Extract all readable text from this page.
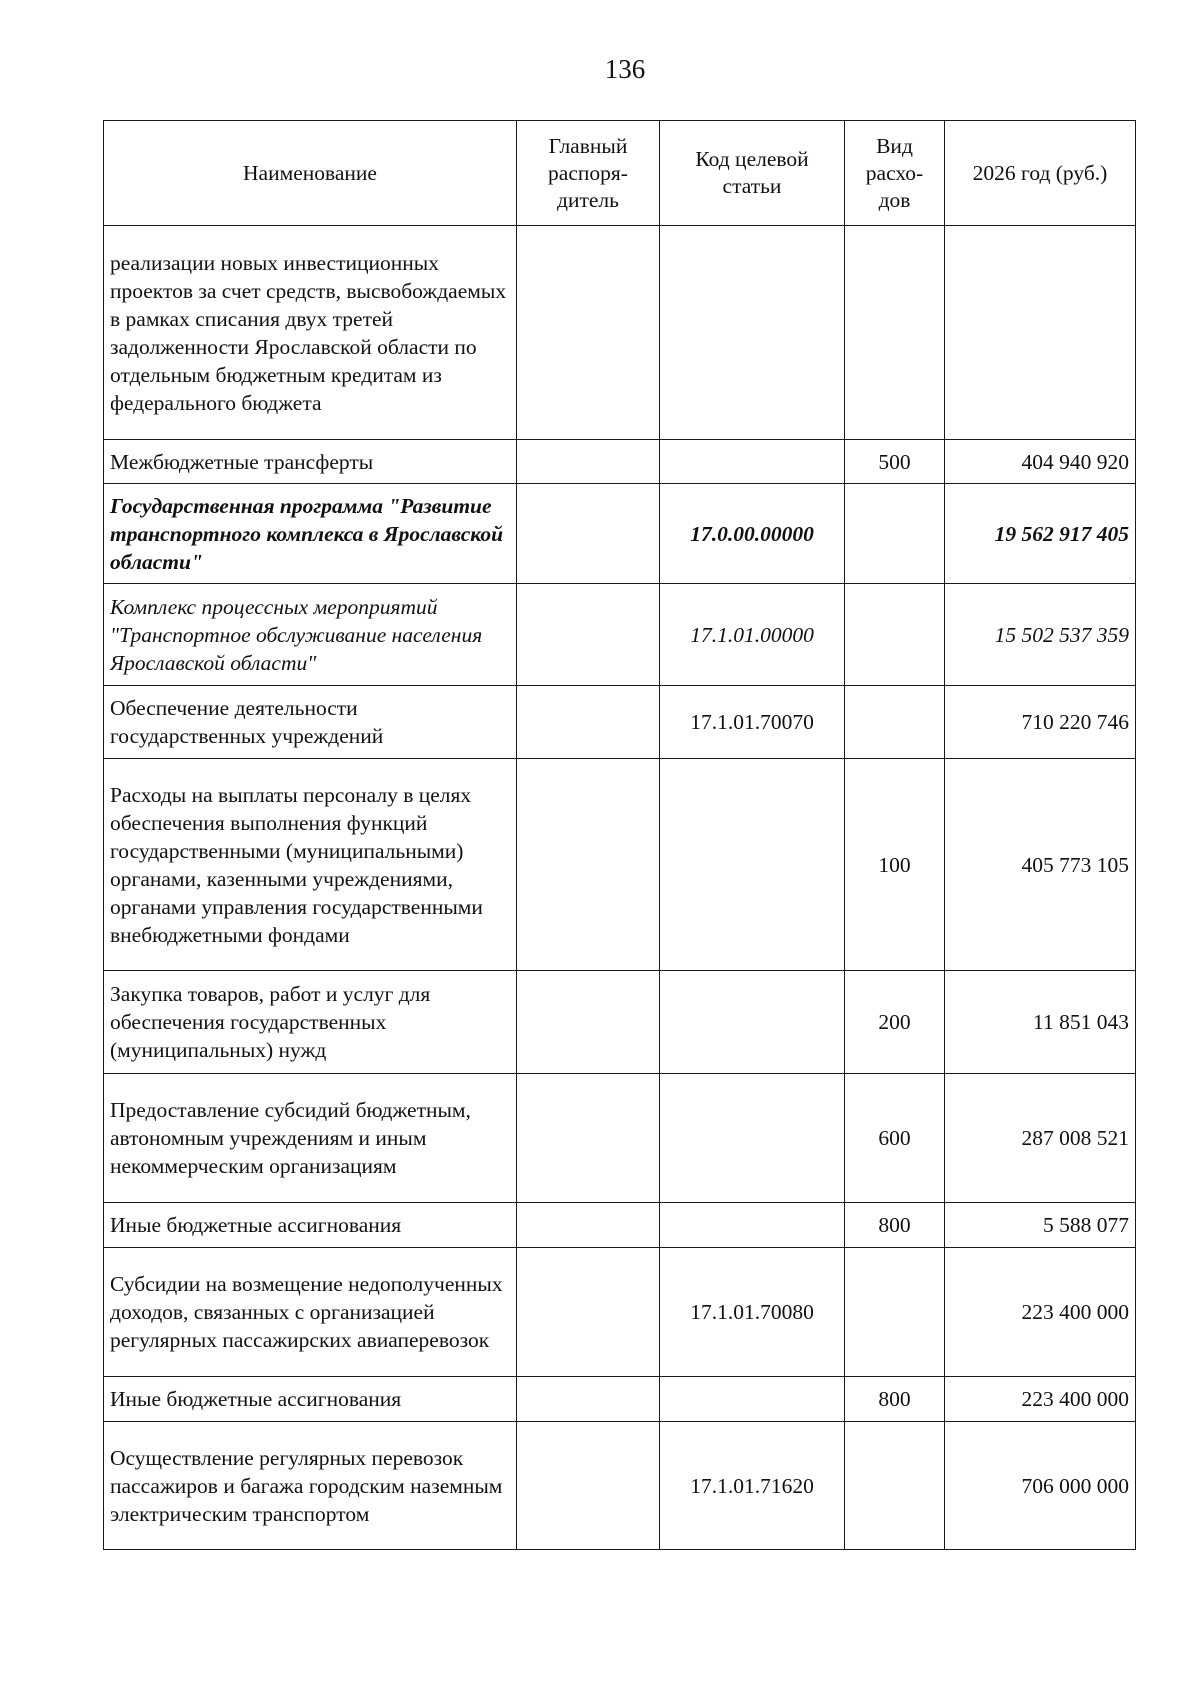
136
Наименование	Главный распоря-дитель	Код целевой статьи	Вид расхо-дов	2026 год (руб.)
реализации новых инвестиционных проектов за счет средств, высвобождаемых в рамках списания двух третей задолженности Ярославской области по отдельным бюджетным кредитам из федерального бюджета				
Межбюджетные трансферты			500	404 940 920
Государственная программа "Развитие транспортного комплекса в Ярославской области"		17.0.00.00000		19 562 917 405
Комплекс процессных мероприятий "Транспортное обслуживание населения Ярославской области"		17.1.01.00000		15 502 537 359
Обеспечение деятельности государственных учреждений		17.1.01.70070		710 220 746
Расходы на выплаты персоналу в целях обеспечения выполнения функций государственными (муниципальными) органами, казенными учреждениями, органами управления государственными внебюджетными фондами			100	405 773 105
Закупка товаров, работ и услуг для обеспечения государственных (муниципальных) нужд			200	11 851 043
Предоставление субсидий бюджетным, автономным учреждениям и иным некоммерческим организациям			600	287 008 521
Иные бюджетные ассигнования			800	5 588 077
Субсидии на возмещение недополученных доходов, связанных с организацией регулярных пассажирских авиаперевозок		17.1.01.70080		223 400 000
Иные бюджетные ассигнования			800	223 400 000
Осуществление регулярных перевозок пассажиров и багажа городским наземным электрическим транспортом		17.1.01.71620		706 000 000
